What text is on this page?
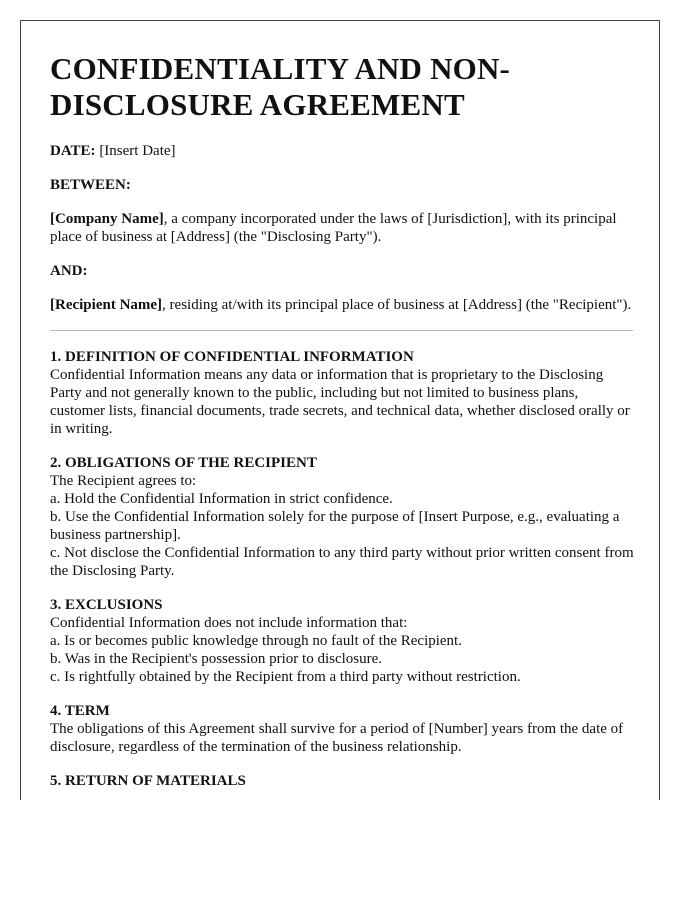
CONFIDENTIALITY AND NON-DISCLOSURE AGREEMENT

DATE: [Insert Date]

BETWEEN:

[Company Name], a company incorporated under the laws of [Jurisdiction], with its principal place of business at [Address] (the "Disclosing Party").

AND:

[Recipient Name], residing at/with its principal place of business at [Address] (the "Recipient").

1. DEFINITION OF CONFIDENTIAL INFORMATION

Confidential Information means any data or information that is proprietary to the Disclosing Party and not generally known to the public, including but not limited to business plans, customer lists, financial documents, trade secrets, and technical data, whether disclosed orally or in writing.

2. OBLIGATIONS OF THE RECIPIENT

The Recipient agrees to:

a. Hold the Confidential Information in strict confidence.

b. Use the Confidential Information solely for the purpose of [Insert Purpose, e.g., evaluating a business partnership].

c. Not disclose the Confidential Information to any third party without prior written consent from the Disclosing Party.

3. EXCLUSIONS

Confidential Information does not include information that:

a. Is or becomes public knowledge through no fault of the Recipient.

b. Was in the Recipient's possession prior to disclosure.

c. Is rightfully obtained by the Recipient from a third party without restriction.

4. TERM

The obligations of this Agreement shall survive for a period of [Number] years from the date of disclosure, regardless of the termination of the business relationship.

5. RETURN OF MATERIALS
